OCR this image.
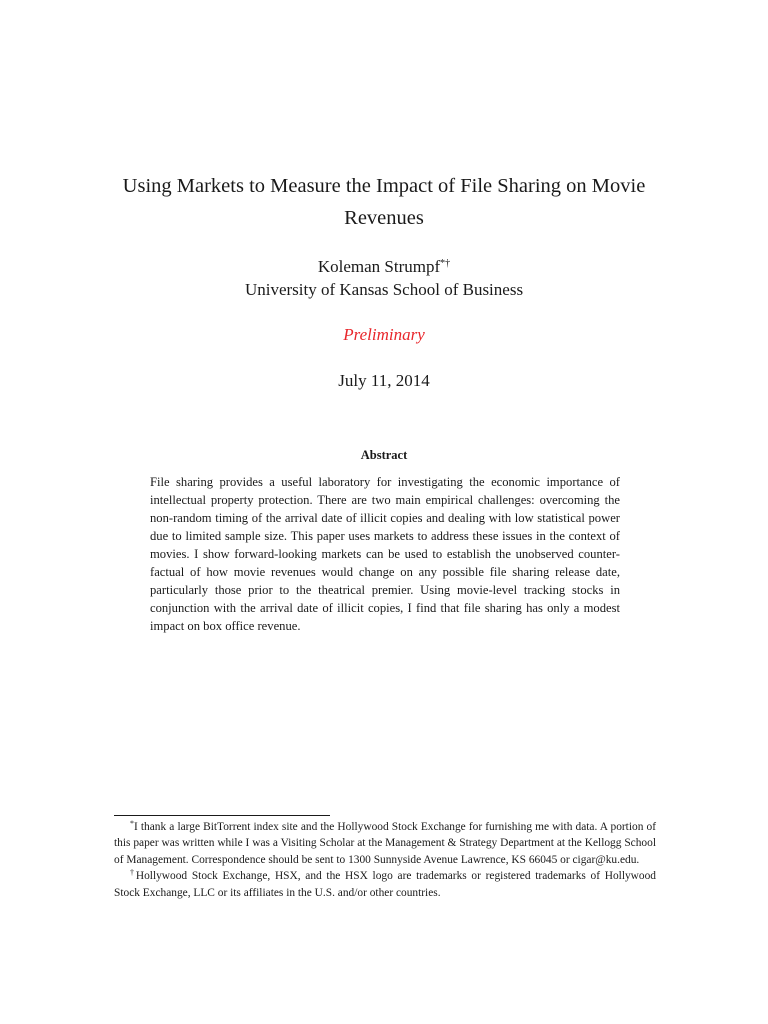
Using Markets to Measure the Impact of File Sharing on Movie Revenues
Koleman Strumpf*†
University of Kansas School of Business
Preliminary
July 11, 2014
Abstract
File sharing provides a useful laboratory for investigating the economic importance of intellectual property protection. There are two main empirical challenges: overcoming the non-random timing of the arrival date of illicit copies and dealing with low statistical power due to limited sample size. This paper uses markets to address these issues in the context of movies. I show forward-looking markets can be used to establish the unobserved counter-factual of how movie revenues would change on any possible file sharing release date, particularly those prior to the theatrical premier. Using movie-level tracking stocks in conjunction with the arrival date of illicit copies, I find that file sharing has only a modest impact on box office revenue.

*I thank a large BitTorrent index site and the Hollywood Stock Exchange for furnishing me with data. A portion of this paper was written while I was a Visiting Scholar at the Management & Strategy Department at the Kellogg School of Management. Correspondence should be sent to 1300 Sunnyside Avenue Lawrence, KS 66045 or cigar@ku.edu.

†Hollywood Stock Exchange, HSX, and the HSX logo are trademarks or registered trademarks of Hollywood Stock Exchange, LLC or its affiliates in the U.S. and/or other countries.
